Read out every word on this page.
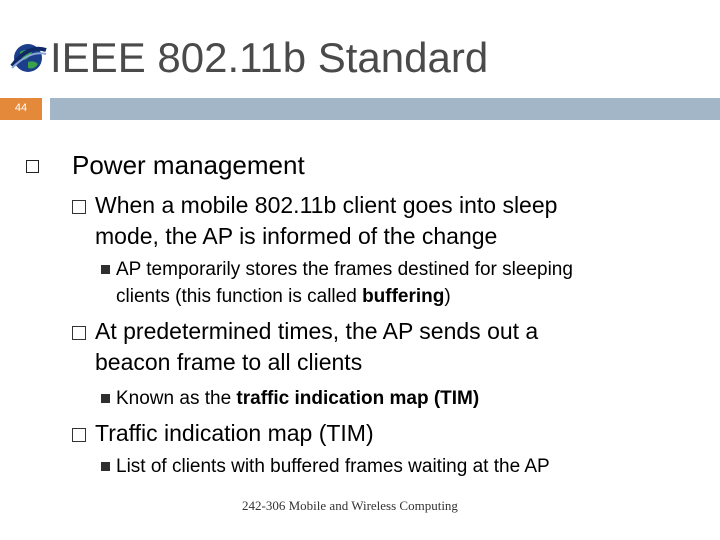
IEEE 802.11b Standard
44
Power management
When a mobile 802.11b client goes into sleep
mode, the AP is informed of the change
AP temporarily stores the frames destined for sleeping
clients (this function is called buffering)
At predetermined times, the AP sends out a
beacon frame to all clients
Known as the traffic indication map (TIM)
Traffic indication map (TIM)
List of clients with buffered frames waiting at the AP
242-306 Mobile and Wireless Computing
